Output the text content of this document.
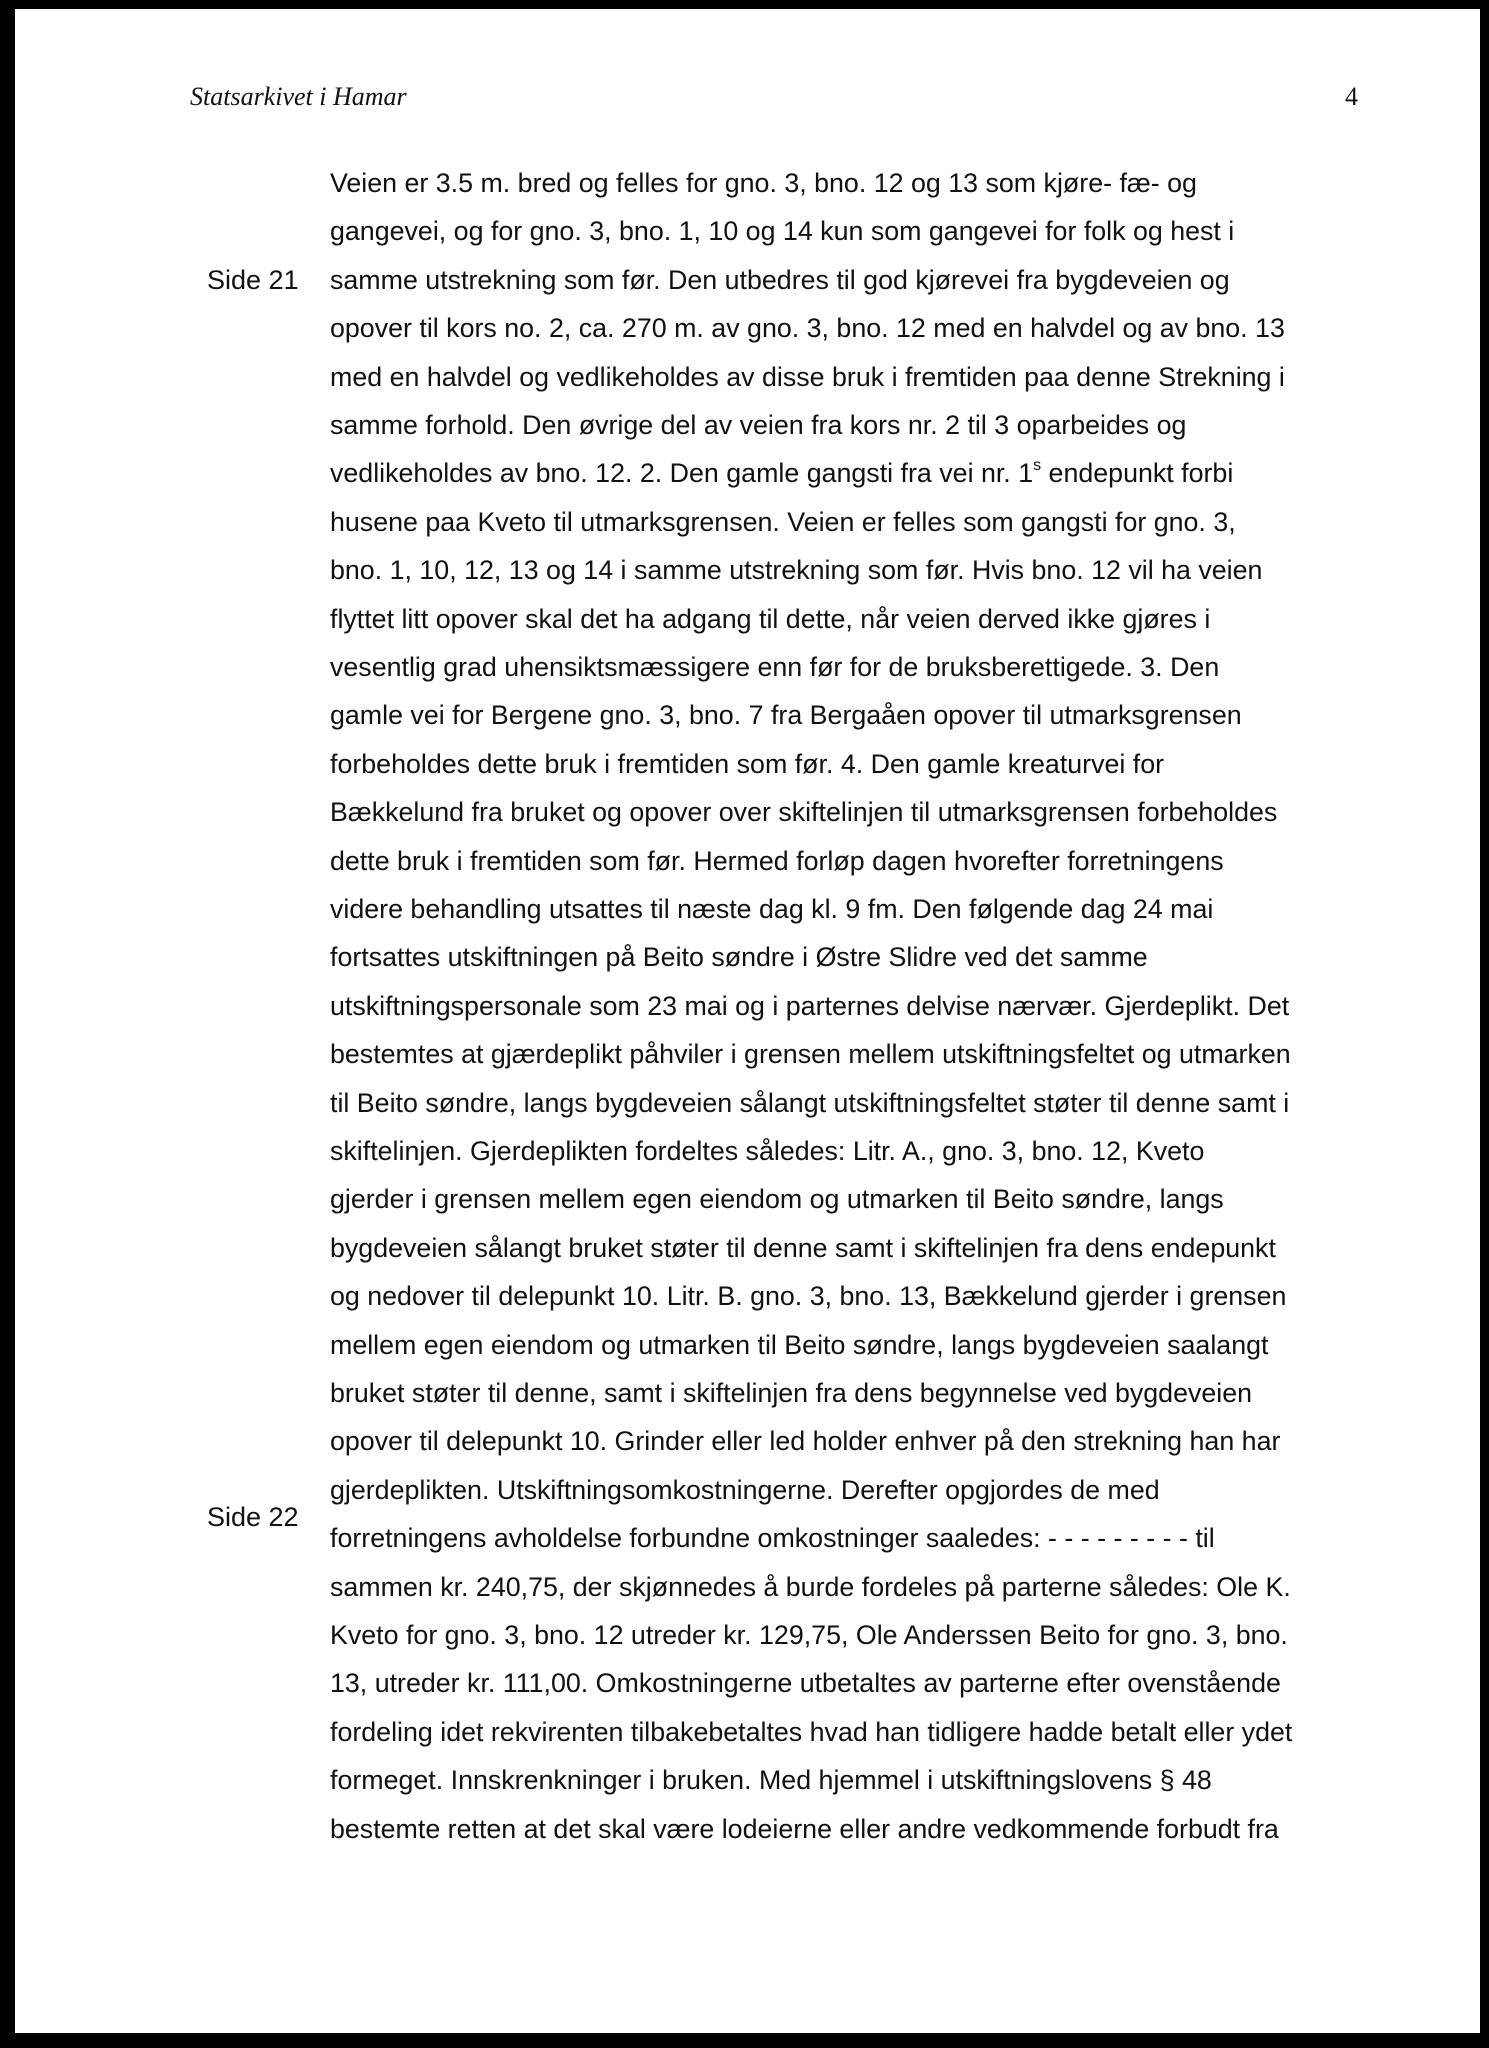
Statsarkivet i Hamar	4
Side 21
Side 22
Veien er 3.5 m. bred og felles for gno. 3, bno. 12 og 13 som kjøre- fæ- og
gangevei, og for gno. 3, bno. 1, 10 og 14 kun som gangevei for folk og hest i
samme utstrekning som før. Den utbedres til god kjørevei fra bygdeveien og
opover til kors no. 2, ca. 270 m. av gno. 3, bno. 12 med en halvdel og av bno. 13
med en halvdel og vedlikeholdes av disse bruk i fremtiden paa denne Strekning i
samme forhold. Den øvrige del av veien fra kors nr. 2 til 3 oparbeides og
vedlikeholdes av bno. 12. 2. Den gamle gangsti fra vei nr. 1$^s$ endepunkt forbi
husene paa Kveto til utmarksgrensen. Veien er felles som gangsti for gno. 3,
bno. 1, 10, 12, 13 og 14 i samme utstrekning som før. Hvis bno. 12 vil ha veien
flyttet litt opover skal det ha adgang til dette, når veien derved ikke gjøres i
vesentlig grad uhensiktsmæssigere enn før for de bruksberettigede. 3. Den
gamle vei for Bergene gno. 3, bno. 7 fra Bergaåen opover til utmarksgrensen
forbeholdes dette bruk i fremtiden som før. 4. Den gamle kreaturvei for
Bækkelund fra bruket og opover over skiftelinjen til utmarksgrensen forbeholdes
dette bruk i fremtiden som før. Hermed forløp dagen hvorefter forretningens
videre behandling utsattes til næste dag kl. 9 fm. Den følgende dag 24 mai
fortsattes utskiftningen på Beito søndre i Østre Slidre ved det samme
utskiftningspersonale som 23 mai og i parternes delvise nærvær. Gjerdeplikt. Det
bestemtes at gjærdeplikt påhviler i grensen mellem utskiftningsfeltet og utmarken
til Beito søndre, langs bygdeveien sålangt utskiftningsfeltet støter til denne samt i
skiftelinjen. Gjerdeplikten fordeltes således: Litr. A., gno. 3, bno. 12, Kveto
gjerder i grensen mellem egen eiendom og utmarken til Beito søndre, langs
bygdeveien sålangt bruket støter til denne samt i skiftelinjen fra dens endepunkt
og nedover til delepunkt 10. Litr. B. gno. 3, bno. 13, Bækkelund gjerder i grensen
mellem egen eiendom og utmarken til Beito søndre, langs bygdeveien saalangt
bruket støter til denne, samt i skiftelinjen fra dens begynnelse ved bygdeveien
opover til delepunkt 10. Grinder eller led holder enhver på den strekning han har
gjerdeplikten. Utskiftningsomkostningerne. Derefter opgjordes de med
forretningens avholdelse forbundne omkostninger saaledes: - - - - - - - - - til
sammen kr. 240,75, der skjønnedes å burde fordeles på parterne således: Ole K.
Kveto for gno. 3, bno. 12 utreder kr. 129,75, Ole Anderssen Beito for gno. 3, bno.
13, utreder kr. 111,00. Omkostningerne utbetaltes av parterne efter ovenstående
fordeling idet rekvirenten tilbakebetaltes hvad han tidligere hadde betalt eller ydet
formeget. Innskrenkninger i bruken. Med hjemmel i utskiftningslovens § 48
bestemte retten at det skal være lodeierne eller andre vedkommende forbudt fra
